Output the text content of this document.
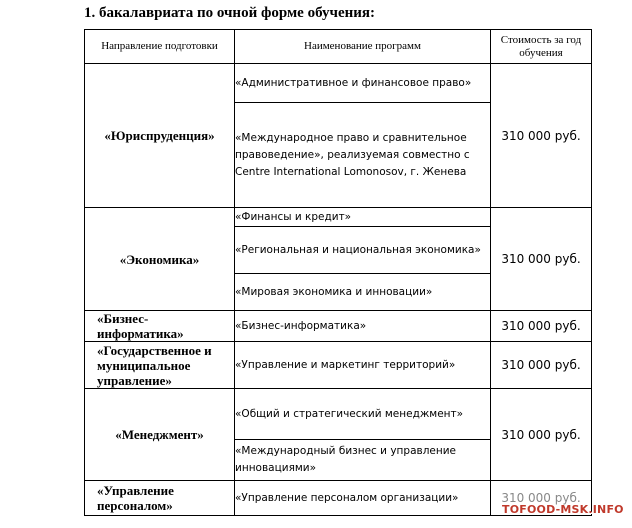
1. бакалавриата по очной форме обучения:
Направление подготовки	Наименование программ	Стоимость за год обучения
«Юриспруденция»	«Административное и финансовое право»	310 000 руб.
	«Международное право и сравнительное правоведение», реализуемая совместно с Centre International Lomonosov, г. Женева	
«Экономика»	«Финансы и кредит»	310 000 руб.
	«Региональная и национальная экономика»	
	«Мировая экономика и инновации»	
«Бизнес-информатика»	«Бизнес-информатика»	310 000 руб.
«Государственное и муниципальное управление»	«Управление и маркетинг территорий»	310 000 руб.
«Менеджмент»	«Общий и стратегический менеджмент»	310 000 руб.
	«Международный бизнес и управление инновациями»	
«Управление персоналом»	«Управление персоналом организации»	310 000 руб.
TOFOOD-MSK.INFO
